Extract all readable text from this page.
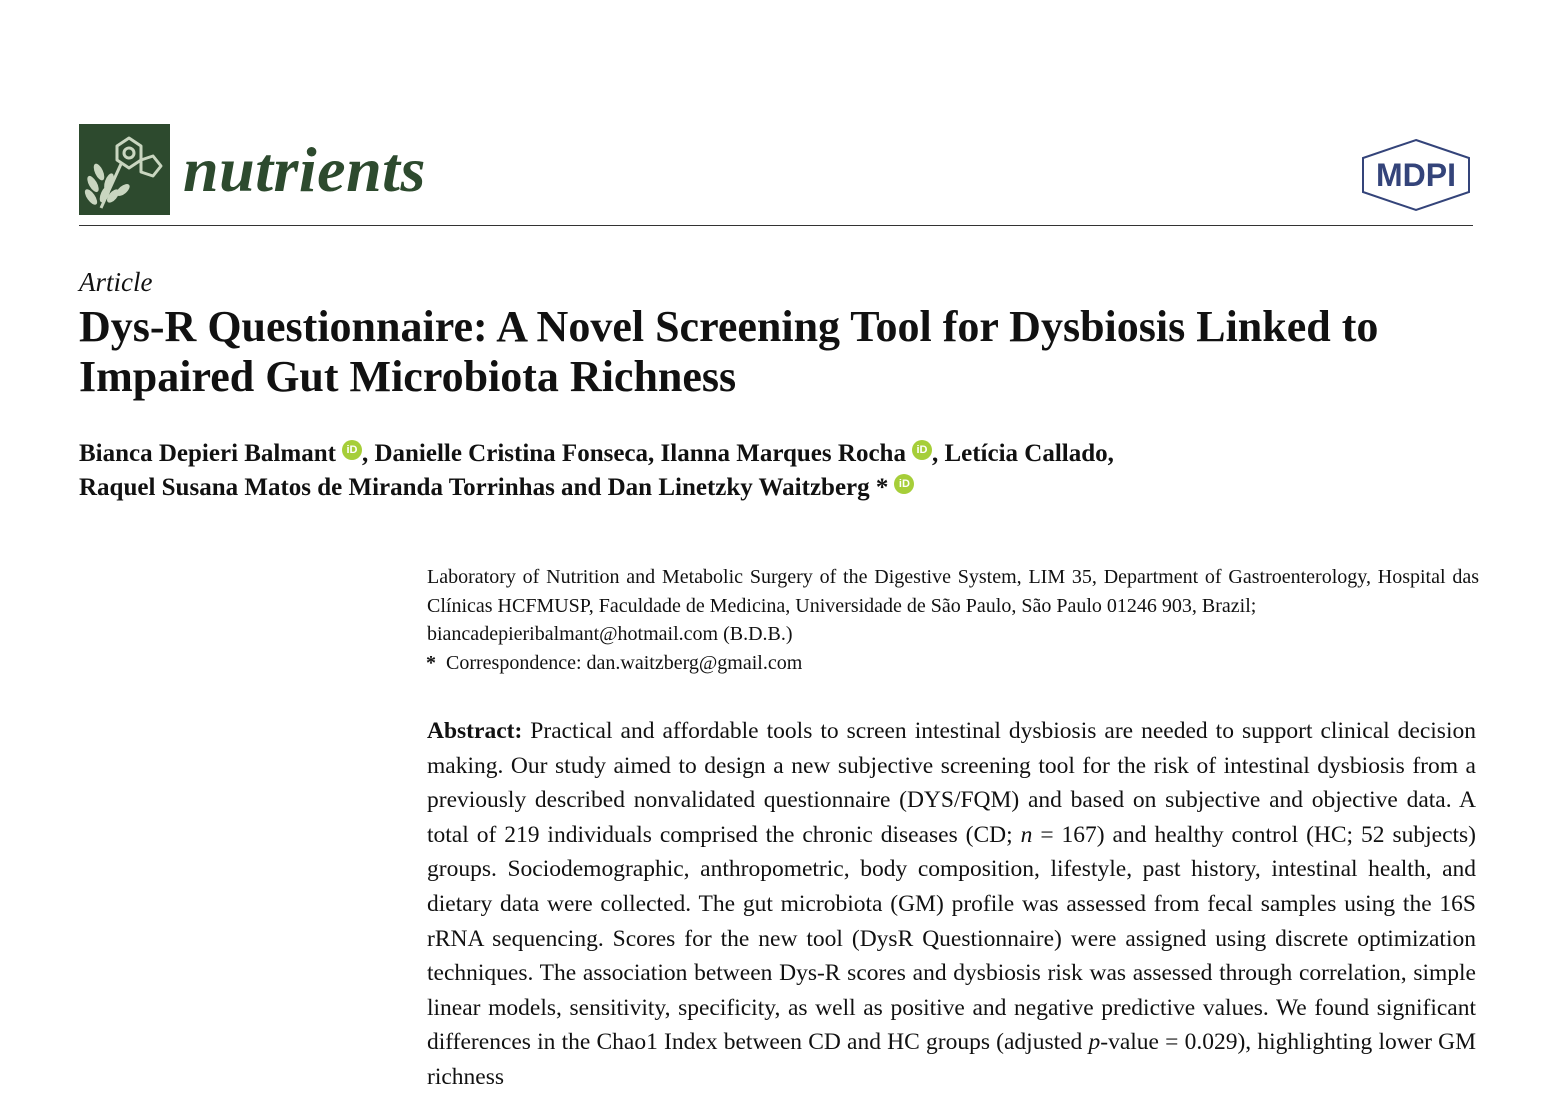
nutrients	MDPI
Article
Dys-R Questionnaire: A Novel Screening Tool for Dysbiosis Linked to Impaired Gut Microbiota Richness
Bianca Depieri Balmant iD , Danielle Cristina Fonseca, Ilanna Marques Rocha iD , Letícia Callado,
Raquel Susana Matos de Miranda Torrinhas and Dan Linetzky Waitzberg * iD

Laboratory of Nutrition and Metabolic Surgery of the Digestive System, LIM 35, Department of Gastroenterology, Hospital das Clínicas HCFMUSP, Faculdade de Medicina, Universidade de São Paulo, São Paulo 01246 903, Brazil;

biancadepieribalmant@hotmail.com (B.D.B.)

* Correspondence: dan.waitzberg@gmail.com

Abstract: Practical and affordable tools to screen intestinal dysbiosis are needed to support clinical decision making. Our study aimed to design a new subjective screening tool for the risk of intestinal dysbiosis from a previously described nonvalidated questionnaire (DYS/FQM) and based on subjective and objective data. A total of 219 individuals comprised the chronic diseases (CD; n = 167) and healthy control (HC; 52 subjects) groups. Sociodemographic, anthropometric, body composition, lifestyle, past history, intestinal health, and dietary data were collected. The gut microbiota (GM) profile was assessed from fecal samples using the 16S rRNA sequencing. Scores for the new tool (DysR Questionnaire) were assigned using discrete optimization techniques. The association between Dys-R scores and dysbiosis risk was assessed through correlation, simple linear models, sensitivity, specificity, as well as positive and negative predictive values. We found significant differences in the Chao1 Index between CD and HC groups (adjusted p-value = 0.029), highlighting lower GM richness
